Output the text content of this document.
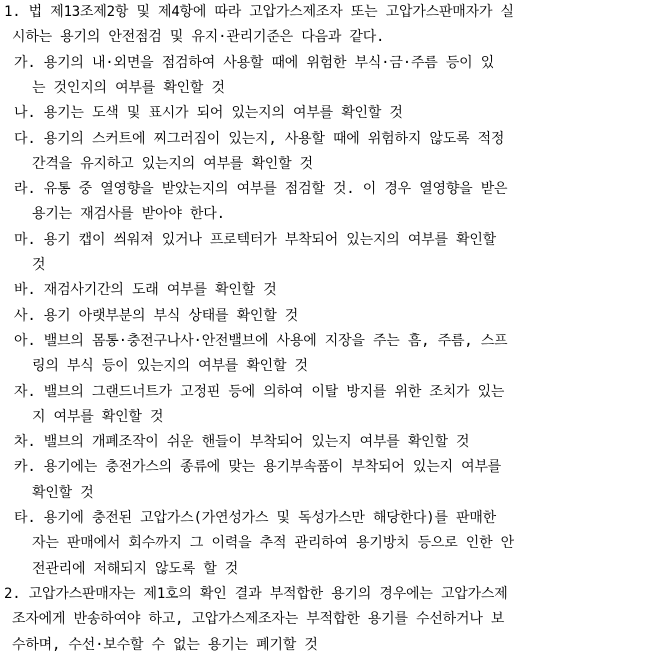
1. 법 제13조제2항 및 제4항에 따라 고압가스제조자 또는 고압가스판매자가 실
시하는 용기의 안전점검 및 유지·관리기준은 다음과 같다.
가. 용기의 내·외면을 점검하여 사용할 때에 위험한 부식·금·주름 등이 있
는 것인지의 여부를 확인할 것
나. 용기는 도색 및 표시가 되어 있는지의 여부를 확인할 것
다. 용기의 스커트에 찌그러짐이 있는지, 사용할 때에 위험하지 않도록 적정
간격을 유지하고 있는지의 여부를 확인할 것
라. 유통 중 열영향을 받았는지의 여부를 점검할 것. 이 경우 열영향을 받은
용기는 재검사를 받아야 한다.
마. 용기 캡이 씌워져 있거나 프로텍터가 부착되어 있는지의 여부를 확인할
것
바. 재검사기간의 도래 여부를 확인할 것
사. 용기 아랫부분의 부식 상태를 확인할 것
아. 밸브의 몸통·충전구나사·안전밸브에 사용에 지장을 주는 흠, 주름, 스프
링의 부식 등이 있는지의 여부를 확인할 것
자. 밸브의 그랜드너트가 고정핀 등에 의하여 이탈 방지를 위한 조치가 있는
지 여부를 확인할 것
차. 밸브의 개폐조작이 쉬운 핸들이 부착되어 있는지 여부를 확인할 것
카. 용기에는 충전가스의 종류에 맞는 용기부속품이 부착되어 있는지 여부를
확인할 것
타. 용기에 충전된 고압가스(가연성가스 및 독성가스만 해당한다)를 판매한
자는 판매에서 회수까지 그 이력을 추적 관리하여 용기방치 등으로 인한 안
전관리에 저해되지 않도록 할 것
2. 고압가스판매자는 제1호의 확인 결과 부적합한 용기의 경우에는 고압가스제
조자에게 반송하여야 하고, 고압가스제조자는 부적합한 용기를 수선하거나 보
수하며, 수선·보수할 수 없는 용기는 폐기할 것
